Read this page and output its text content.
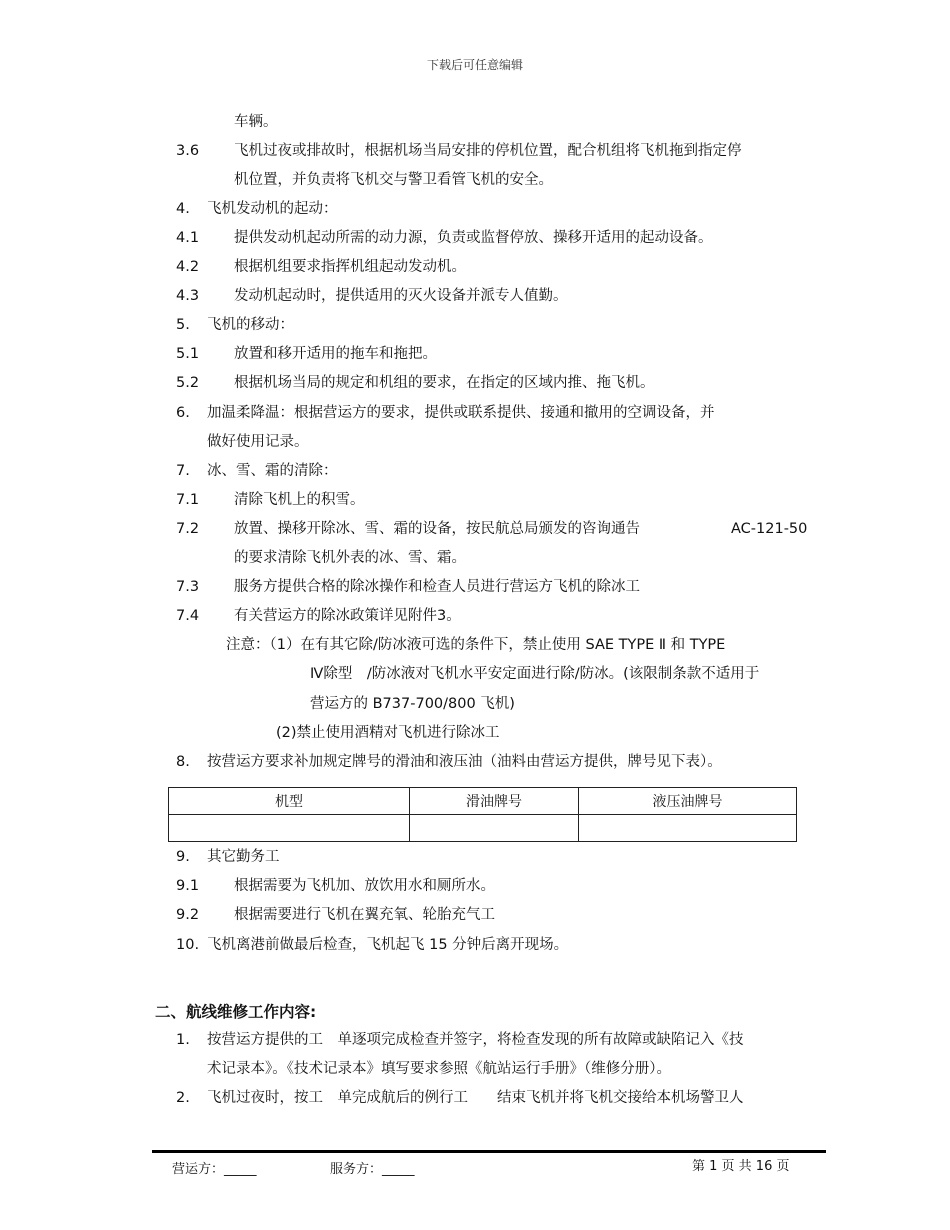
下载后可任意编辑
车辆。
3.6 飞机过夜或排故时，根据机场当局安排的停机位置，配合机组将飞机拖到指定停
机位置，并负责将飞机交与警卫看管飞机的安全。
4. 飞机发动机的起动：
4.1 提供发动机起动所需的动力源，负责或监督停放、操移开适用的起动设备。
4.2 根据机组要求指挥机组起动发动机。
4.3 发动机起动时，提供适用的灭火设备并派专人值勤。
5. 飞机的移动：
5.1 放置和移开适用的拖车和拖把。
5.2 根据机场当局的规定和机组的要求，在指定的区域内推、拖飞机。
6. 加温柔降温：根据营运方的要求，提供或联系提供、接通和撤用的空调设备，并
做好使用记录。
7. 冰、雪、霜的清除：
7.1 清除飞机上的积雪。
7.2 放置、操移开除冰、雪、霜的设备，按民航总局颁发的咨询通告	AC-121-50
的要求清除飞机外表的冰、雪、霜。
7.3 服务方提供合格的除冰操作和检查人员进行营运方飞机的除冰工
7.4 有关营运方的除冰政策详见附件3。
注意：（1）在有其它除/防冰液可选的条件下，禁止使用 SAE TYPE Ⅱ 和 TYPE
Ⅳ除型　/防冰液对飞机水平安定面进行除/防冰。(该限制条款不适用于
营运方的 B737-700/800 飞机)
(2)禁止使用酒精对飞机进行除冰工
8. 按营运方要求补加规定牌号的滑油和液压油（油料由营运方提供，牌号见下表）。
机型	滑油牌号	液压油牌号

9. 其它勤务工
9.1 根据需要为飞机加、放饮用水和厕所水。
9.2 根据需要进行飞机在翼充氧、轮胎充气工
10. 飞机离港前做最后检查，飞机起飞 15 分钟后离开现场。
二、航线维修工作内容:
1. 按营运方提供的工　单逐项完成检查并签字，将检查发现的所有故障或缺陷记入《技
术记录本》。《技术记录本》填写要求参照《航站运行手册》（维修分册）。
2. 飞机过夜时，按工　单完成航后的例行工　　结束飞机并将飞机交接给本机场警卫人
营运方：_____	服务方：_____	第 1 页 共 16 页
